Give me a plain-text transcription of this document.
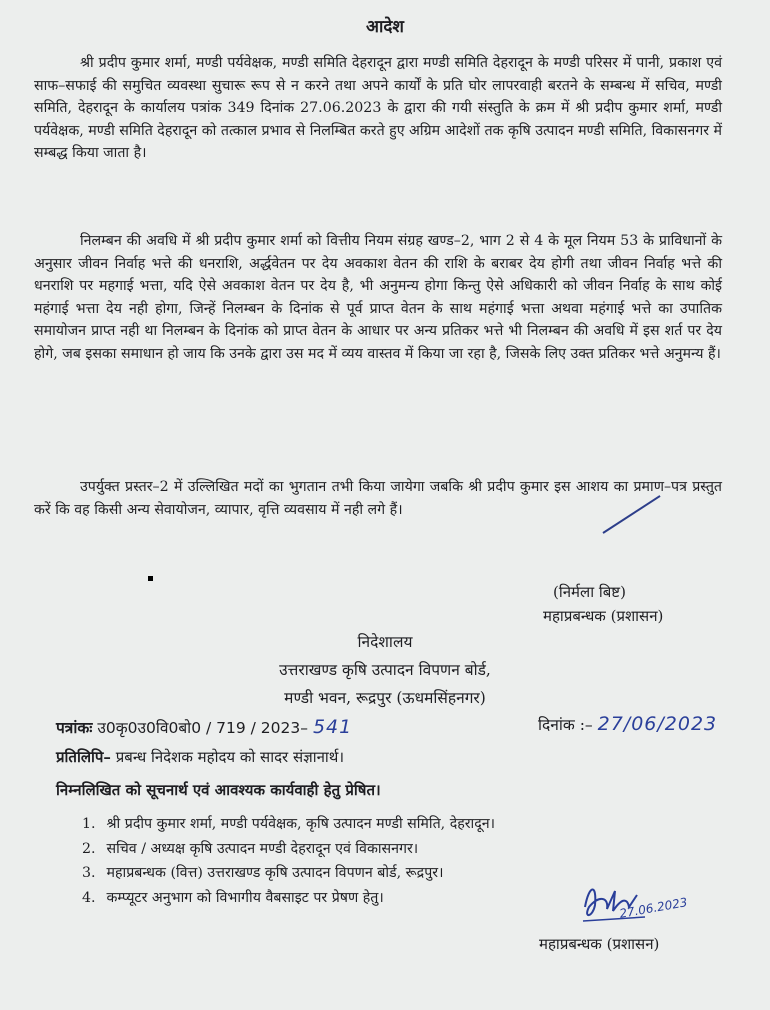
आदेश

श्री प्रदीप कुमार शर्मा, मण्डी पर्यवेक्षक, मण्डी समिति देहरादून द्वारा मण्डी समिति देहरादून के मण्डी परिसर में पानी, प्रकाश एवं साफ–सफाई की समुचित व्यवस्था सुचारू रूप से न करने तथा अपने कार्यों के प्रति घोर लापरवाही बरतने के सम्बन्ध में सचिव, मण्डी समिति, देहरादून के कार्यालय पत्रांक 349 दिनांक 27.06.2023 के द्वारा की गयी संस्तुति के क्रम में श्री प्रदीप कुमार शर्मा, मण्डी पर्यवेक्षक, मण्डी समिति देहरादून को तत्काल प्रभाव से निलम्बित करते हुए अग्रिम आदेशों तक कृषि उत्पादन मण्डी समिति, विकासनगर में सम्बद्ध किया जाता है।

निलम्बन की अवधि में श्री प्रदीप कुमार शर्मा को वित्तीय नियम संग्रह खण्ड–2, भाग 2 से 4 के मूल नियम 53 के प्राविधानों के अनुसार जीवन निर्वाह भत्ते की धनराशि, अर्द्धवेतन पर देय अवकाश वेतन की राशि के बराबर देय होगी तथा जीवन निर्वाह भत्ते की धनराशि पर महगाई भत्ता, यदि ऐसे अवकाश वेतन पर देय है, भी अनुमन्य होगा किन्तु ऐसे अधिकारी को जीवन निर्वाह के साथ कोई महंगाई भत्ता देय नही होगा, जिन्हें निलम्बन के दिनांक से पूर्व प्राप्त वेतन के साथ महंगाई भत्ता अथवा महंगाई भत्ते का उपातिक समायोजन प्राप्त नही था निलम्बन के दिनांक को प्राप्त वेतन के आधार पर अन्य प्रतिकर भत्ते भी निलम्बन की अवधि में इस शर्त पर देय होगे, जब इसका समाधान हो जाय कि उनके द्वारा उस मद में व्यय वास्तव में किया जा रहा है, जिसके लिए उक्त प्रतिकर भत्ते अनुमन्य हैं।

उपर्युक्त प्रस्तर–2 में उल्लिखित मदों का भुगतान तभी किया जायेगा जबकि श्री प्रदीप कुमार इस आशय का प्रमाण–पत्र प्रस्तुत करें कि वह किसी अन्य सेवायोजन, व्यापार, वृत्ति व्यवसाय में नही लगे हैं।

(निर्मला बिष्ट)
महाप्रबन्धक (प्रशासन)
निदेशालय
उत्तराखण्ड कृषि उत्पादन विपणन बोर्ड,
मण्डी भवन, रूद्रपुर (ऊधमसिंहनगर)
पत्रांकः उ0कृ0उ0वि0बो0 / 719 / 2023– 541	दिनांक :– 27/06/2023
प्रतिलिपि– प्रबन्ध निदेशक महोदय को सादर संज्ञानार्थ।
निम्नलिखित को सूचनार्थ एवं आवश्यक कार्यवाही हेतु प्रेषित।
1. श्री प्रदीप कुमार शर्मा, मण्डी पर्यवेक्षक, कृषि उत्पादन मण्डी समिति, देहरादून।
2. सचिव / अध्यक्ष कृषि उत्पादन मण्डी देहरादून एवं विकासनगर।
3. महाप्रबन्धक (वित्त) उत्तराखण्ड कृषि उत्पादन विपणन बोर्ड, रूद्रपुर।
4. कम्प्यूटर अनुभाग को विभागीय वैबसाइट पर प्रेषण हेतु।	27.06.2023
महाप्रबन्धक (प्रशासन)
